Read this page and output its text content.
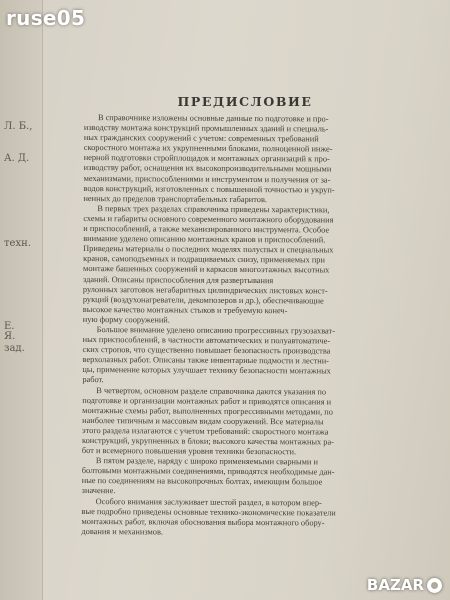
Л. Б.,
А. Д.
техн.
Е.
Я.
зад.
ruse05
ПРЕДИСЛОВИЕ
В справочнике изложены основные данные по подготовке и про-
изводству монтажа конструкций промышленных зданий и специаль-
ных гражданских сооружений с учетом: современных требований
скоростного монтажа их укрупненными блоками, полноценной инже-
нерной подготовки стройплощадок и монтажных организаций к про-
изводству работ, оснащения их высокопроизводительными мощными
механизмами, приспособлениями и инструментом и получения от за-
водов конструкций, изготовленных с повышенной точностью и укруп-
ненных до пределов транспортабельных габаритов.
В первых трех разделах справочника приведены характеристики,
схемы и габариты основного современного монтажного оборудования
и приспособлений, а также механизированного инструмента. Особое
внимание уделено описанию монтажных кранов и приспособлений.
Приведены материалы о последних моделях полуспых и специальных
кранов, самоподъемных и подращиваемых снизу, применяемых при
монтаже башенных сооружений и каркасов многоэтажных высотных
зданий. Описаны приспособления для развертывания
рулонных заготовок негабаритных цилиндрических листовых конст-
рукций (воздухонагреватели, декомпозеров и др.), обеспечивающие
высокое качество монтажных стыков и требуемую конеч-
ную форму сооружений.
Большое внимание уделено описанию прогрессивных грузозахват-
ных приспособлений, в частности автоматических и полуавтоматиче-
ских стропов, что существенно повышает безопасность производства
верхолазных работ. Описаны также инвентарные подмости и лестни-
цы, применение которых улучшает технику безопасности монтажных
работ.
В четвертом, основном разделе справочника даются указания по
подготовке и организации монтажных работ и приводятся описания и
монтажные схемы работ, выполненных прогрессивными методами, по
наиболее типичным и массовым видам сооружений. Все материалы
этого раздела излагаются с учетом требований: скоростного монтажа
конструкций, укрупненных в блоки; высокого качества монтажных ра-
бот и всемерного повышения уровня техники безопасности.
В пятом разделе, наряду с широко применяемыми сварными и
болтовыми монтажными соединениями, приводятся необходимые дан-
ные по соединениям на высокопрочных болтах, имеющим большое
значение.
Особого внимания заслуживает шестой раздел, в котором впер-
вые подробно приведены основные технико-экономические показатели
монтажных работ, включая обоснования выбора монтажного обору-
дования и механизмов.
BAZAR
